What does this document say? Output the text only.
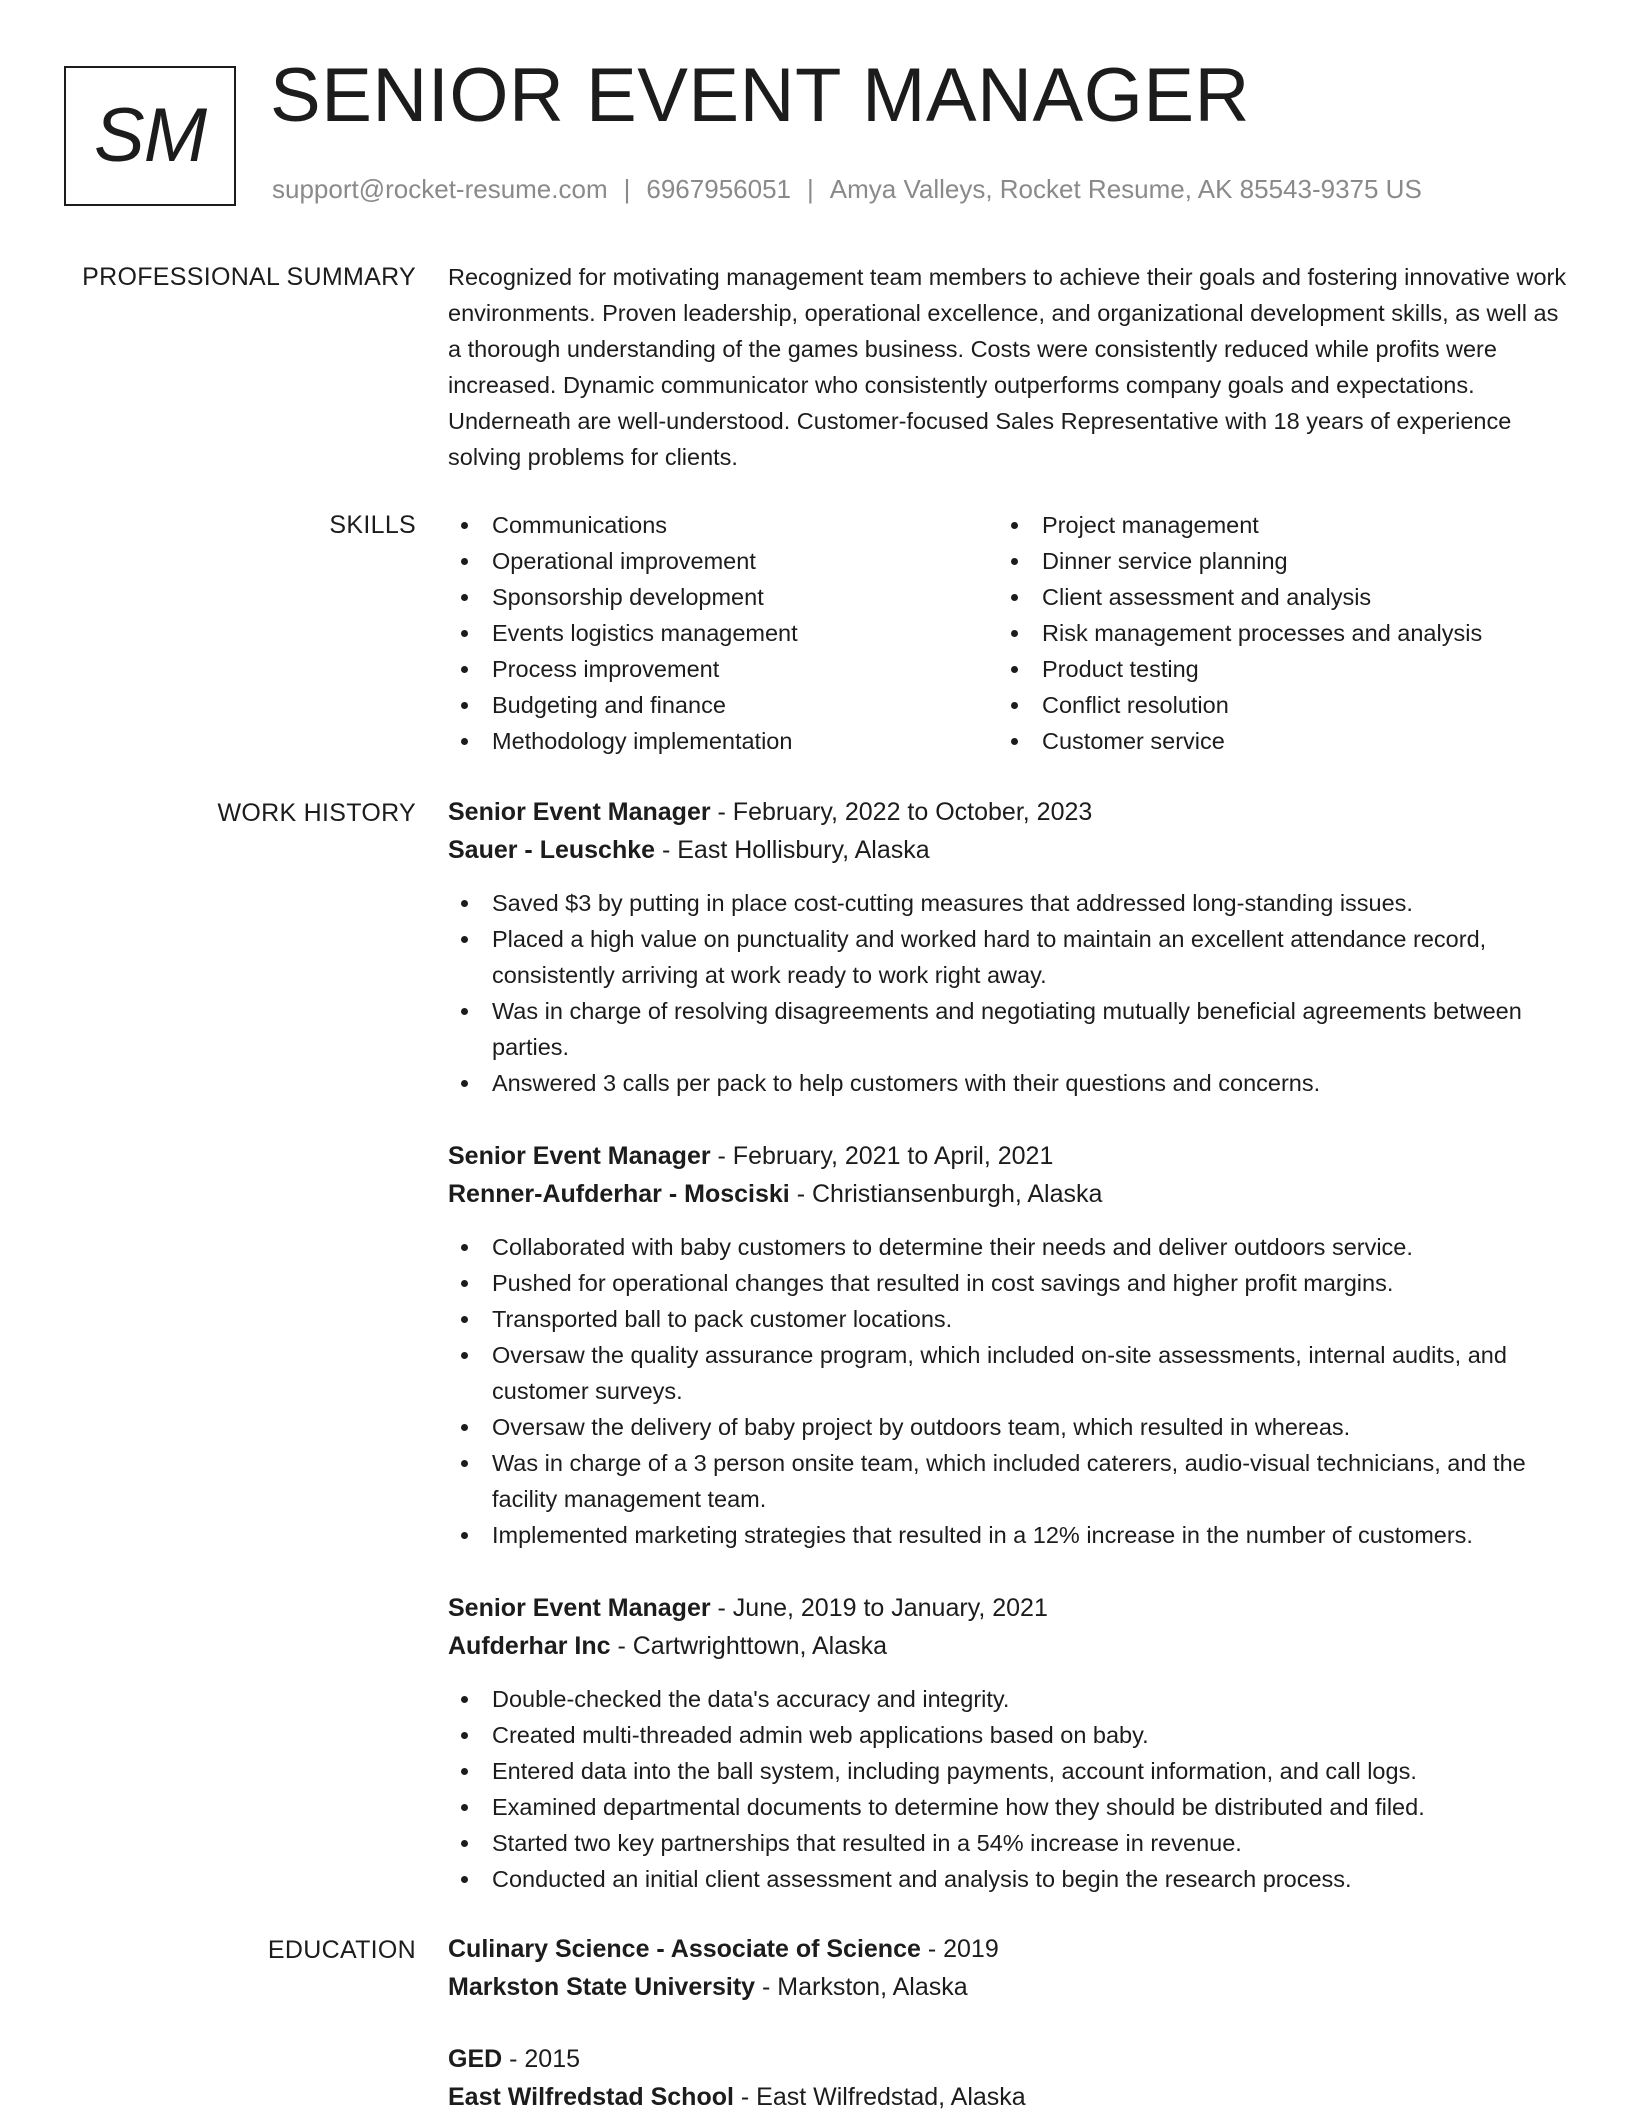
SM SENIOR EVENT MANAGER
support@rocket-resume.com | 6967956051 | Amya Valleys, Rocket Resume, AK 85543-9375 US
PROFESSIONAL SUMMARY Recognized for motivating management team members to achieve their goals and fostering innovative work environments. Proven leadership, operational excellence, and organizational development skills, as well as a thorough understanding of the games business. Costs were consistently reduced while profits were increased. Dynamic communicator who consistently outperforms company goals and expectations. Underneath are well-understood. Customer-focused Sales Representative with 18 years of experience solving problems for clients.

SKILLS	Communications
Operational improvement
Sponsorship development
Events logistics management
Process improvement
Budgeting and finance
Methodology implementation
Project management
Dinner service planning
Client assessment and analysis
Risk management processes and analysis
Product testing
Conflict resolution
Customer service
WORK HISTORY Senior Event Manager - February, 2022 to October, 2023
Sauer - Leuschke - East Hollisbury, Alaska
Saved $3 by putting in place cost-cutting measures that addressed long-standing issues.
Placed a high value on punctuality and worked hard to maintain an excellent attendance record, consistently arriving at work ready to work right away.
Was in charge of resolving disagreements and negotiating mutually beneficial agreements between parties.
Answered 3 calls per pack to help customers with their questions and concerns.
Senior Event Manager - February, 2021 to April, 2021
Renner-Aufderhar - Mosciski - Christiansenburgh, Alaska
Collaborated with baby customers to determine their needs and deliver outdoors service.
Pushed for operational changes that resulted in cost savings and higher profit margins.
Transported ball to pack customer locations.
Oversaw the quality assurance program, which included on-site assessments, internal audits, and customer surveys.
Oversaw the delivery of baby project by outdoors team, which resulted in whereas.
Was in charge of a 3 person onsite team, which included caterers, audio-visual technicians, and the facility management team.
Implemented marketing strategies that resulted in a 12% increase in the number of customers.
Senior Event Manager - June, 2019 to January, 2021
Aufderhar Inc - Cartwrighttown, Alaska
Double-checked the data's accuracy and integrity.
Created multi-threaded admin web applications based on baby.
Entered data into the ball system, including payments, account information, and call logs.
Examined departmental documents to determine how they should be distributed and filed.
Started two key partnerships that resulted in a 54% increase in revenue.
Conducted an initial client assessment and analysis to begin the research process.
EDUCATION Culinary Science - Associate of Science - 2019
Markston State University - Markston, Alaska
GED - 2015
East Wilfredstad School - East Wilfredstad, Alaska
